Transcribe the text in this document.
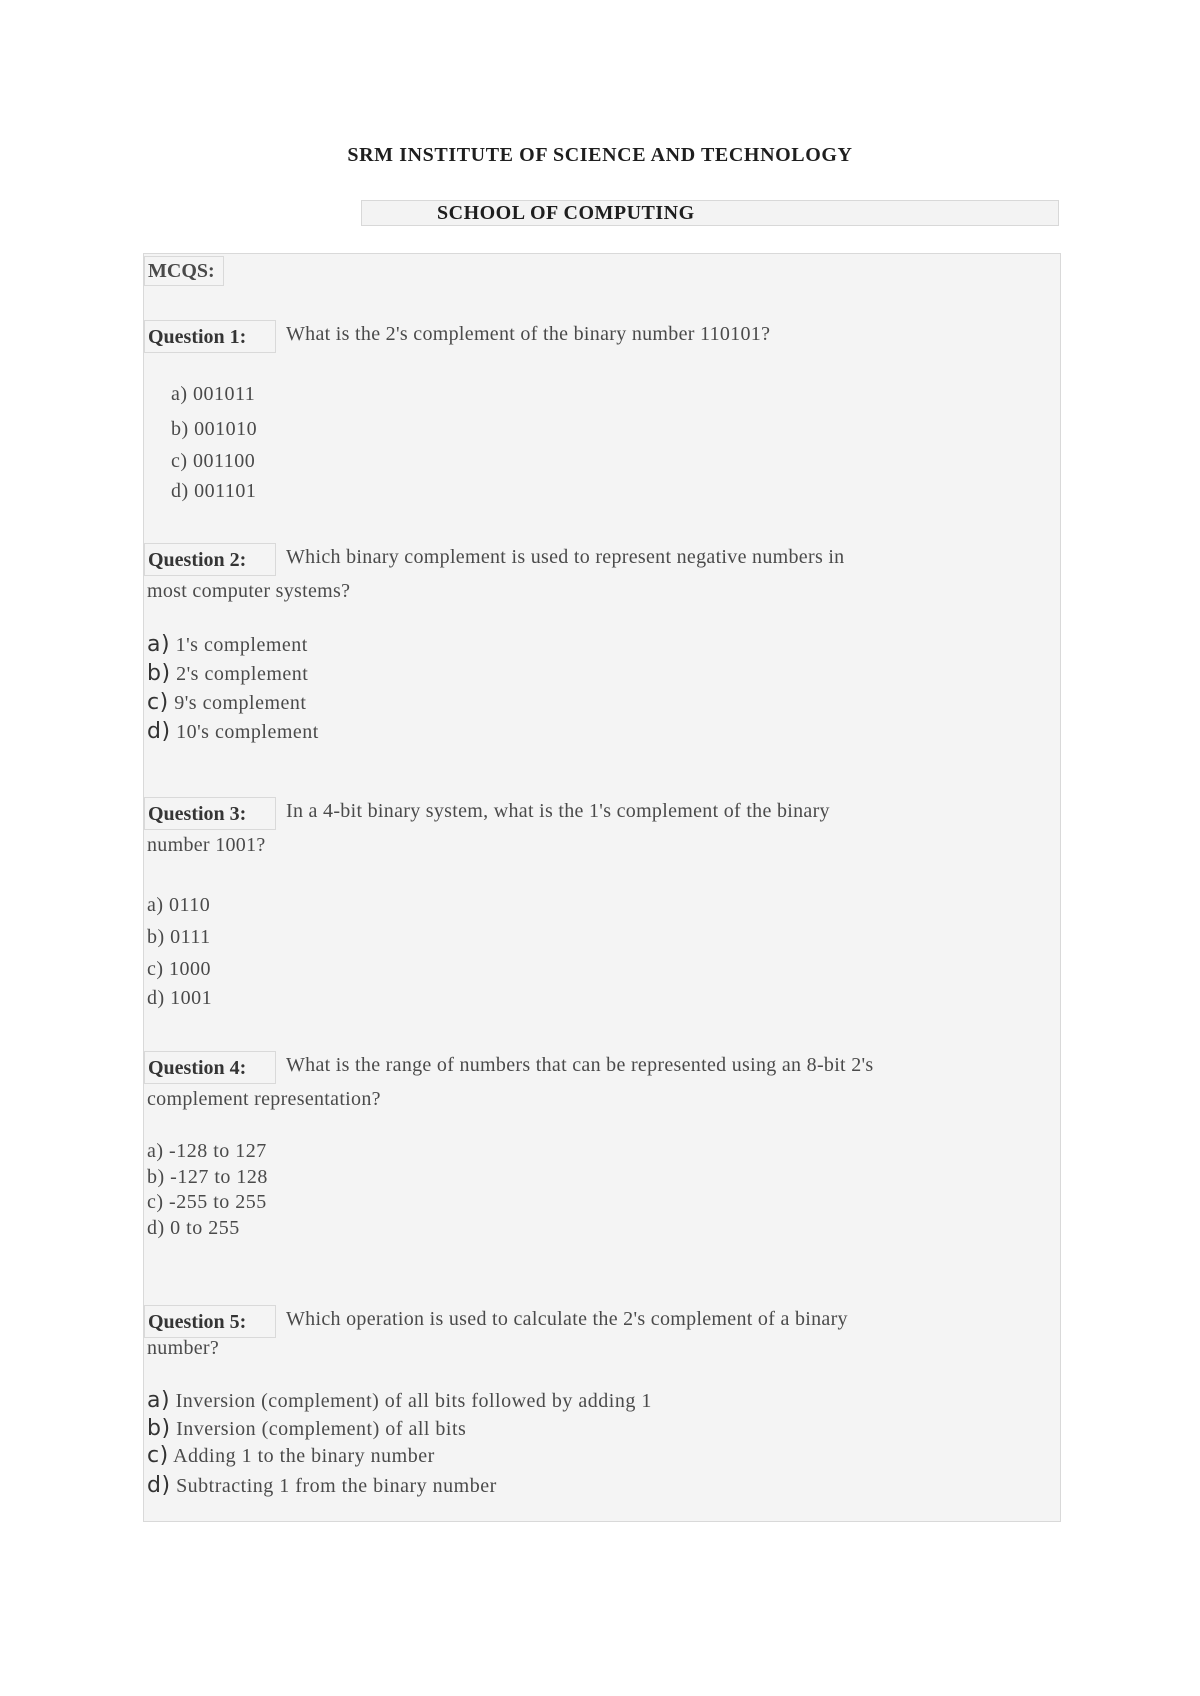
SRM INSTITUTE OF SCIENCE AND TECHNOLOGY
SCHOOL OF COMPUTING
MCQS:
Question 1:	What is the 2's complement of the binary number 110101?
a) 001011
b) 001010
c) 001100
d) 001101
Question 2:	Which binary complement is used to represent negative numbers in
most computer systems?
a) 1's complement
b) 2's complement
c) 9's complement
d) 10's complement
Question 3:	In a 4-bit binary system, what is the 1's complement of the binary
number 1001?
a) 0110
b) 0111
c) 1000
d) 1001
Question 4:	What is the range of numbers that can be represented using an 8-bit 2's
complement representation?
a) -128 to 127
b) -127 to 128
c) -255 to 255
d) 0 to 255
Question 5:	Which operation is used to calculate the 2's complement of a binary
number?
a) Inversion (complement) of all bits followed by adding 1
b) Inversion (complement) of all bits
c) Adding 1 to the binary number
d) Subtracting 1 from the binary number
